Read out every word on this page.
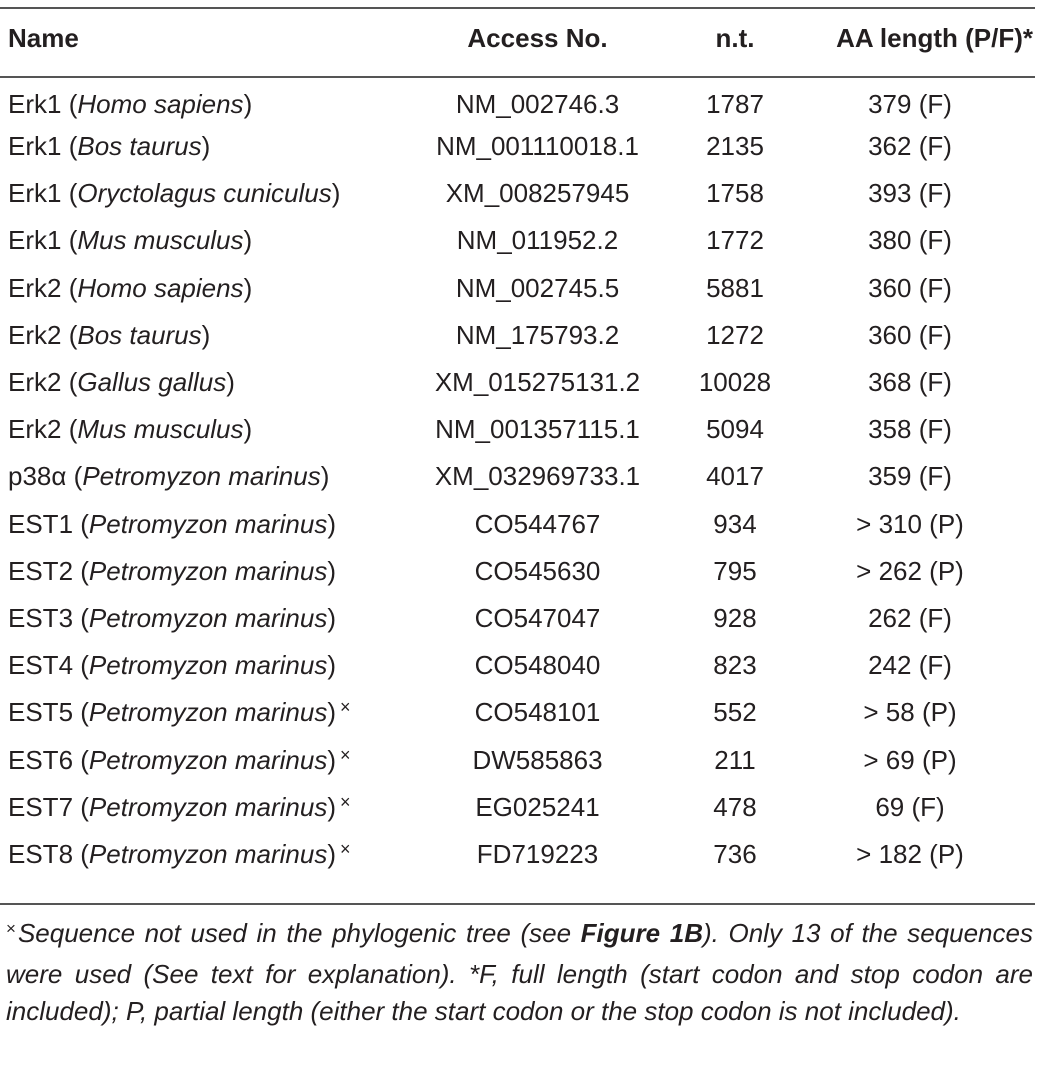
Name	Access No.	n.t.	AA length (P/F)*
Erk1 (Homo sapiens)	NM_002746.3	1787	379 (F)
Erk1 (Bos taurus)	NM_001110018.1	2135	362 (F)
Erk1 (Oryctolagus cuniculus)	XM_008257945	1758	393 (F)
Erk1 (Mus musculus)	NM_011952.2	1772	380 (F)
Erk2 (Homo sapiens)	NM_002745.5	5881	360 (F)
Erk2 (Bos taurus)	NM_175793.2	1272	360 (F)
Erk2 (Gallus gallus)	XM_015275131.2	10028	368 (F)
Erk2 (Mus musculus)	NM_001357115.1	5094	358 (F)
p38α (Petromyzon marinus)	XM_032969733.1	4017	359 (F)
EST1 (Petromyzon marinus)	CO544767	934	> 310 (P)
EST2 (Petromyzon marinus)	CO545630	795	> 262 (P)
EST3 (Petromyzon marinus)	CO547047	928	262 (F)
EST4 (Petromyzon marinus)	CO548040	823	242 (F)
EST5 (Petromyzon marinus) ×	CO548101	552	> 58 (P)
EST6 (Petromyzon marinus) ×	DW585863	211	> 69 (P)
EST7 (Petromyzon marinus) ×	EG025241	478	69 (F)
EST8 (Petromyzon marinus) ×	FD719223	736	> 182 (P)
×Sequence not used in the phylogenic tree (see Figure 1B). Only 13 of the sequences were used (See text for explanation). *F, full length (start codon and stop codon are included); P, partial length (either the start codon or the stop codon is not included).
